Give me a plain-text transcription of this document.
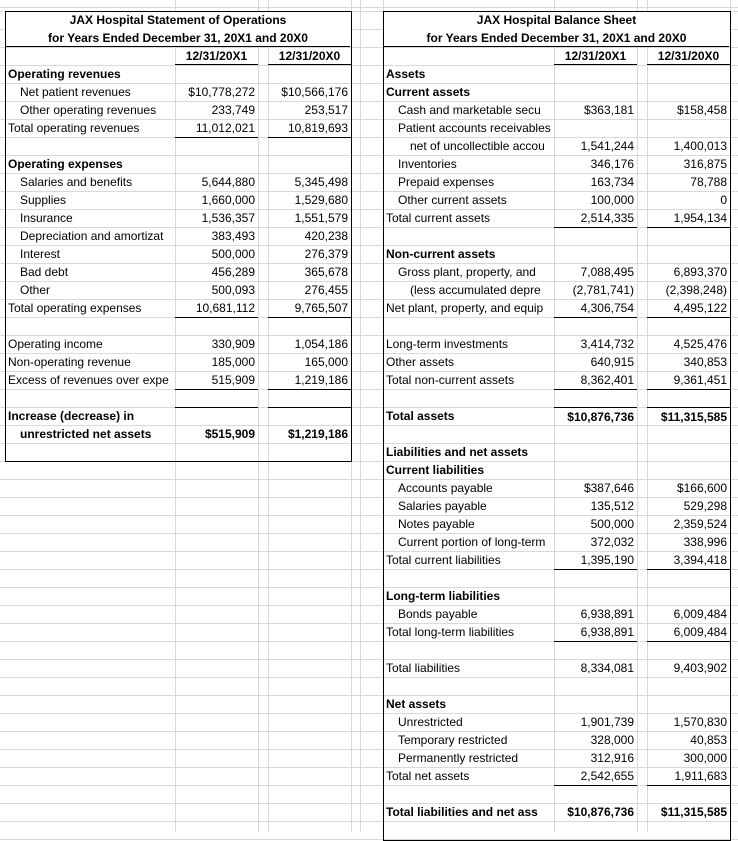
JAX Hospital Statement of Operations
for Years Ended December 31, 20X1 and 20X0
12/31/20X1	12/31/20X0
Operating revenues
Net patient revenues	$10,778,272	$10,566,176
Other operating revenues	233,749	253,517
Total operating revenues	11,012,021	10,819,693
Operating expenses
Salaries and benefits	5,644,880	5,345,498
Supplies	1,660,000	1,529,680
Insurance	1,536,357	1,551,579
Depreciation and amortizat	383,493	420,238
Interest	500,000	276,379
Bad debt	456,289	365,678
Other	500,093	276,455
Total operating expenses	10,681,112	9,765,507
Operating income	330,909	1,054,186
Non-operating revenue	185,000	165,000
Excess of revenues over expe	515,909	1,219,186
Increase (decrease) in
unrestricted net assets	$515,909	$1,219,186
JAX Hospital Balance Sheet
for Years Ended December 31, 20X1 and 20X0
12/31/20X1	12/31/20X0
Assets
Current assets
Cash and marketable secu	$363,181	$158,458
Patient accounts receivables
net of uncollectible accou	1,541,244	1,400,013
Inventories	346,176	316,875
Prepaid expenses	163,734	78,788
Other current assets	100,000	0
Total current assets	2,514,335	1,954,134
Non-current assets
Gross plant, property, and	7,088,495	6,893,370
(less accumulated depre	(2,781,741)	(2,398,248)
Net plant, property, and equip	4,306,754	4,495,122
Long-term investments	3,414,732	4,525,476
Other assets	640,915	340,853
Total non-current assets	8,362,401	9,361,451
Total assets	$10,876,736	$11,315,585
Liabilities and net assets
Current liabilities
Accounts payable	$387,646	$166,600
Salaries payable	135,512	529,298
Notes payable	500,000	2,359,524
Current portion of long-term	372,032	338,996
Total current liabilities	1,395,190	3,394,418
Long-term liabilities
Bonds payable	6,938,891	6,009,484
Total long-term liabilities	6,938,891	6,009,484
Total liabilities	8,334,081	9,403,902
Net assets
Unrestricted	1,901,739	1,570,830
Temporary restricted	328,000	40,853
Permanently restricted	312,916	300,000
Total net assets	2,542,655	1,911,683
Total liabilities and net ass	$10,876,736	$11,315,585
